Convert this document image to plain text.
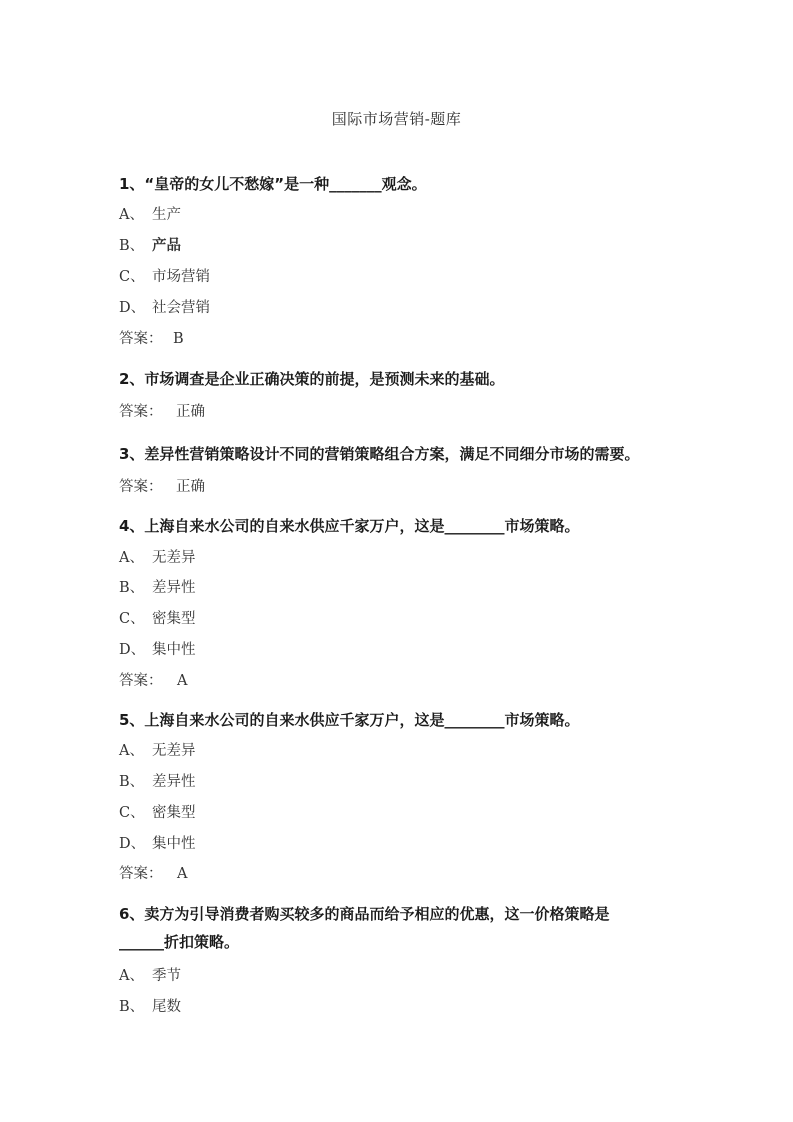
国际市场营销-题库
1、“皇帝的女儿不愁嫁”是一种_______观念。
A、 生产
B、 产品
C、 市场营销
D、 社会营销
答案： B
2、市场调查是企业正确决策的前提，是预测未来的基础。
答案： 正确
3、差异性营销策略设计不同的营销策略组合方案，满足不同细分市场的需要。
答案： 正确
4、上海自来水公司的自来水供应千家万户，这是________市场策略。
A、 无差异
B、 差异性
C、 密集型
D、 集中性
答案： A
5、上海自来水公司的自来水供应千家万户，这是________市场策略。
A、 无差异
B、 差异性
C、 密集型
D、 集中性
答案： A
6、卖方为引导消费者购买较多的商品而给予相应的优惠，这一价格策略是
______折扣策略。
A、 季节
B、 尾数
